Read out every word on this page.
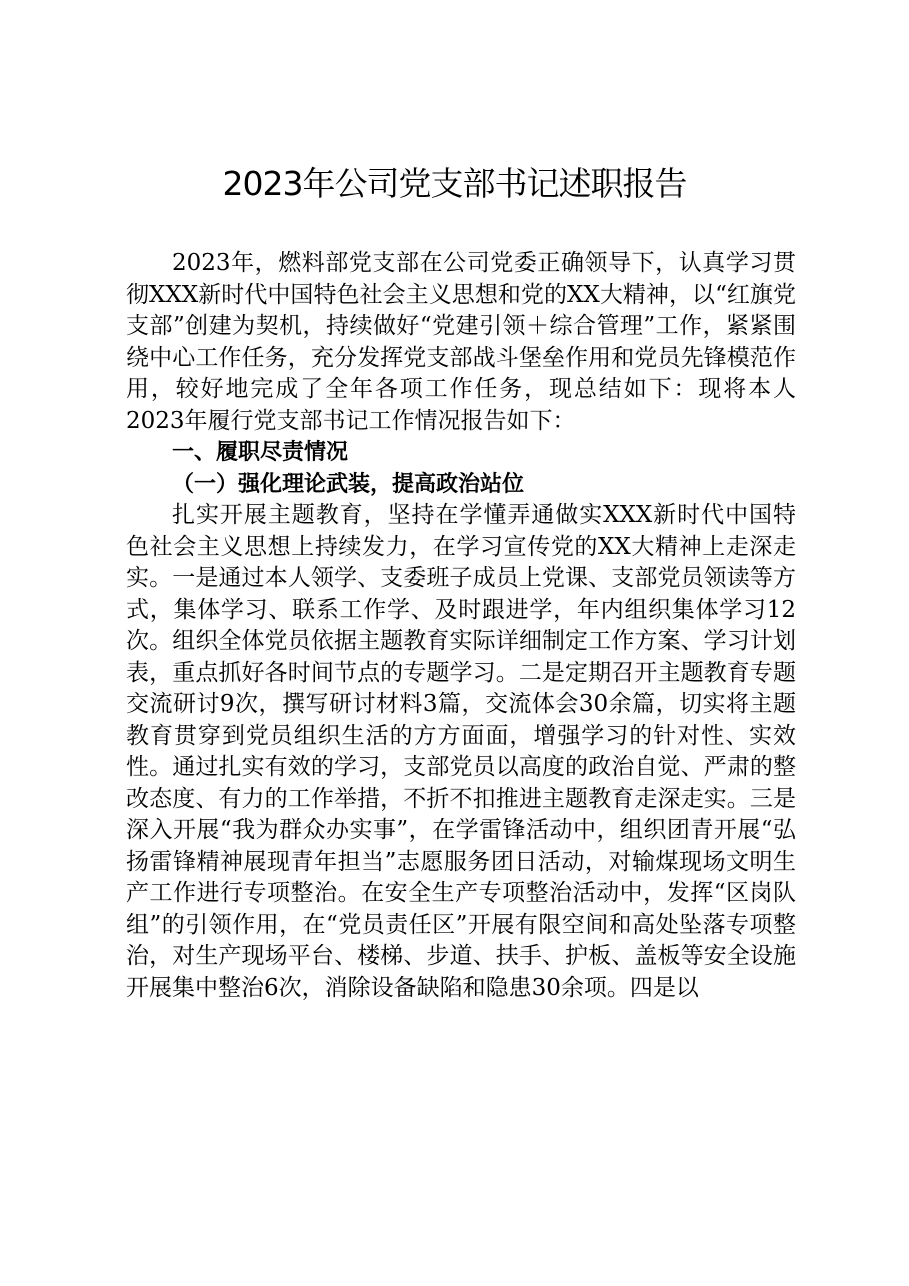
2023年公司党支部书记述职报告

2023年，燃料部党支部在公司党委正确领导下，认真学习贯彻XXX新时代中国特色社会主义思想和党的XX大精神，以“红旗党支部”创建为契机，持续做好“党建引领＋综合管理”工作，紧紧围绕中心工作任务，充分发挥党支部战斗堡垒作用和党员先锋模范作用，较好地完成了全年各项工作任务，现总结如下：现将本人2023年履行党支部书记工作情况报告如下：

一、履职尽责情况

（一）强化理论武装，提高政治站位

扎实开展主题教育，坚持在学懂弄通做实XXX新时代中国特色社会主义思想上持续发力，在学习宣传党的XX大精神上走深走实。一是通过本人领学、支委班子成员上党课、支部党员领读等方式，集体学习、联系工作学、及时跟进学，年内组织集体学习12次。组织全体党员依据主题教育实际详细制定工作方案、学习计划表，重点抓好各时间节点的专题学习。二是定期召开主题教育专题交流研讨9次，撰写研讨材料3篇，交流体会30余篇，切实将主题教育贯穿到党员组织生活的方方面面，增强学习的针对性、实效性。通过扎实有效的学习，支部党员以高度的政治自觉、严肃的整改态度、有力的工作举措，不折不扣推进主题教育走深走实。三是深入开展“我为群众办实事”，在学雷锋活动中，组织团青开展“弘扬雷锋精神展现青年担当”志愿服务团日活动，对输煤现场文明生产工作进行专项整治。在安全生产专项整治活动中，发挥“区岗队组”的引领作用，在“党员责任区”开展有限空间和高处坠落专项整治，对生产现场平台、楼梯、步道、扶手、护板、盖板等安全设施开展集中整治6次，消除设备缺陷和隐患30余项。四是以
